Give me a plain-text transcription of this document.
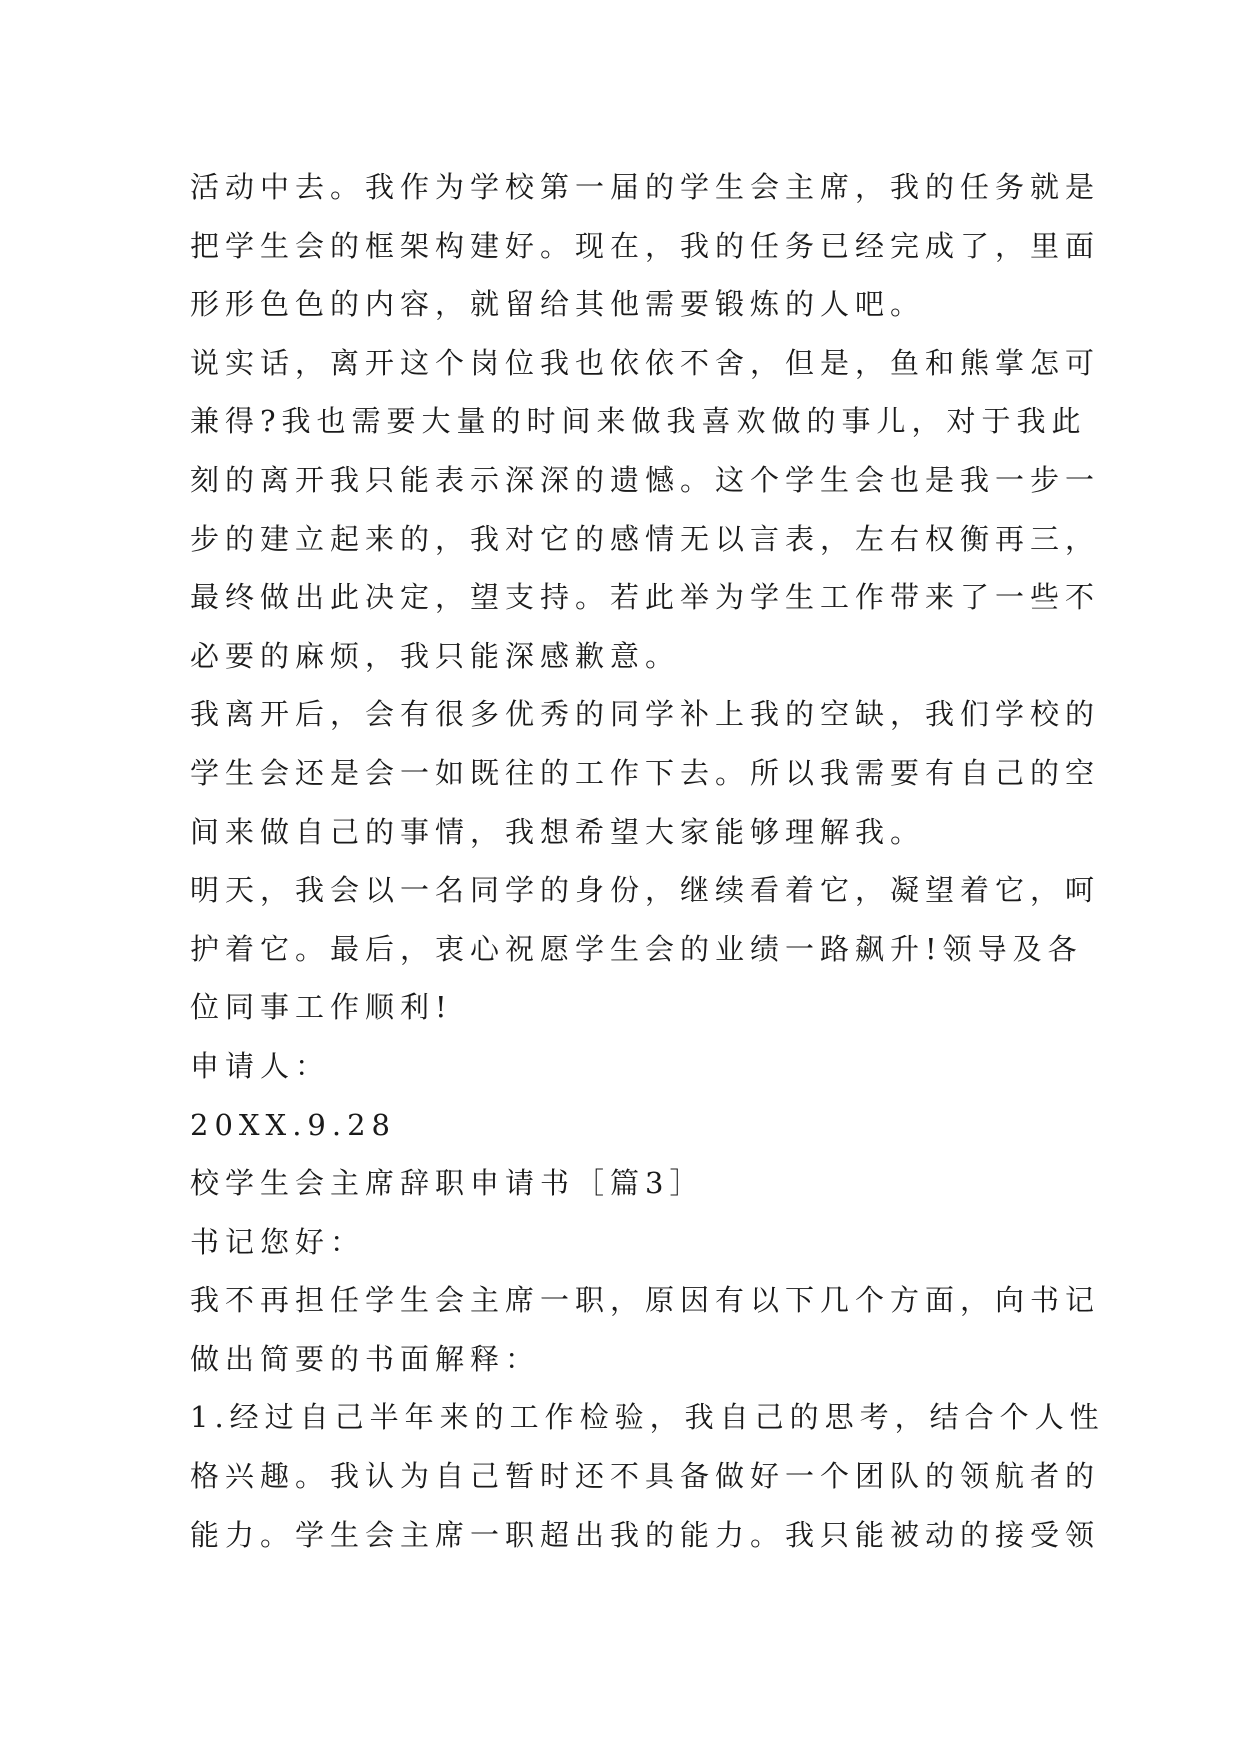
活动中去。我作为学校第一届的学生会主席，我的任务就是

把学生会的框架构建好。现在，我的任务已经完成了，里面

形形色色的内容，就留给其他需要锻炼的人吧。

说实话，离开这个岗位我也依依不舍，但是，鱼和熊掌怎可

兼得?我也需要大量的时间来做我喜欢做的事儿，对于我此

刻的离开我只能表示深深的遗憾。这个学生会也是我一步一

步的建立起来的，我对它的感情无以言表，左右权衡再三，

最终做出此决定，望支持。若此举为学生工作带来了一些不

必要的麻烦，我只能深感歉意。

我离开后，会有很多优秀的同学补上我的空缺，我们学校的

学生会还是会一如既往的工作下去。所以我需要有自己的空

间来做自己的事情，我想希望大家能够理解我。

明天，我会以一名同学的身份，继续看着它，凝望着它，呵

护着它。最后，衷心祝愿学生会的业绩一路飙升!领导及各

位同事工作顺利!

申请人：

20XX.9.28

校学生会主席辞职申请书［篇3］

书记您好：

我不再担任学生会主席一职，原因有以下几个方面，向书记

做出简要的书面解释：

1.经过自己半年来的工作检验，我自己的思考，结合个人性

格兴趣。我认为自己暂时还不具备做好一个团队的领航者的

能力。学生会主席一职超出我的能力。我只能被动的接受领
